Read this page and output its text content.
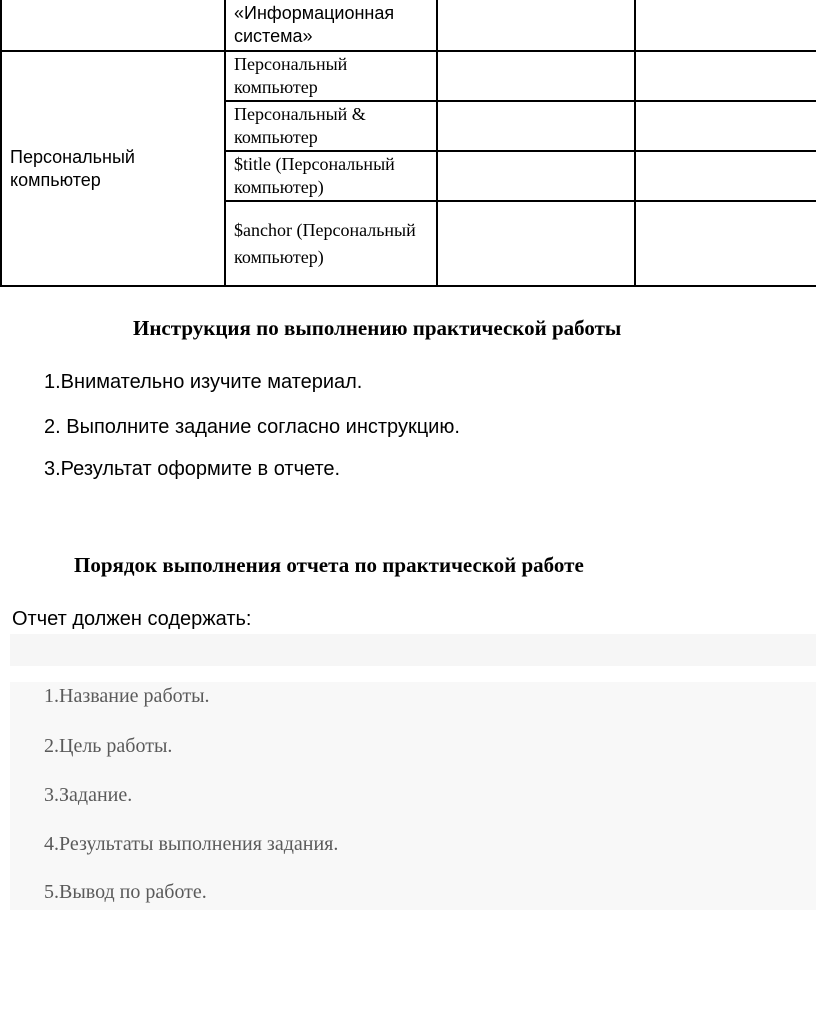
	«Информационная система»		
Персональный компьютер	Персональный компьютер		
	Персональный & компьютер		
	$title (Персональный компьютер)		
	$anchor (Персональный компьютер)		
Инструкция по выполнению практической работы
1.Внимательно изучите материал.
2. Выполните задание согласно инструкцию.
3.Результат оформите в отчете.
Порядок выполнения отчета по практической работе
Отчет должен содержать:
1.Название работы.
2.Цель работы.
3.Задание.
4.Результаты выполнения задания.
5.Вывод по работе.
